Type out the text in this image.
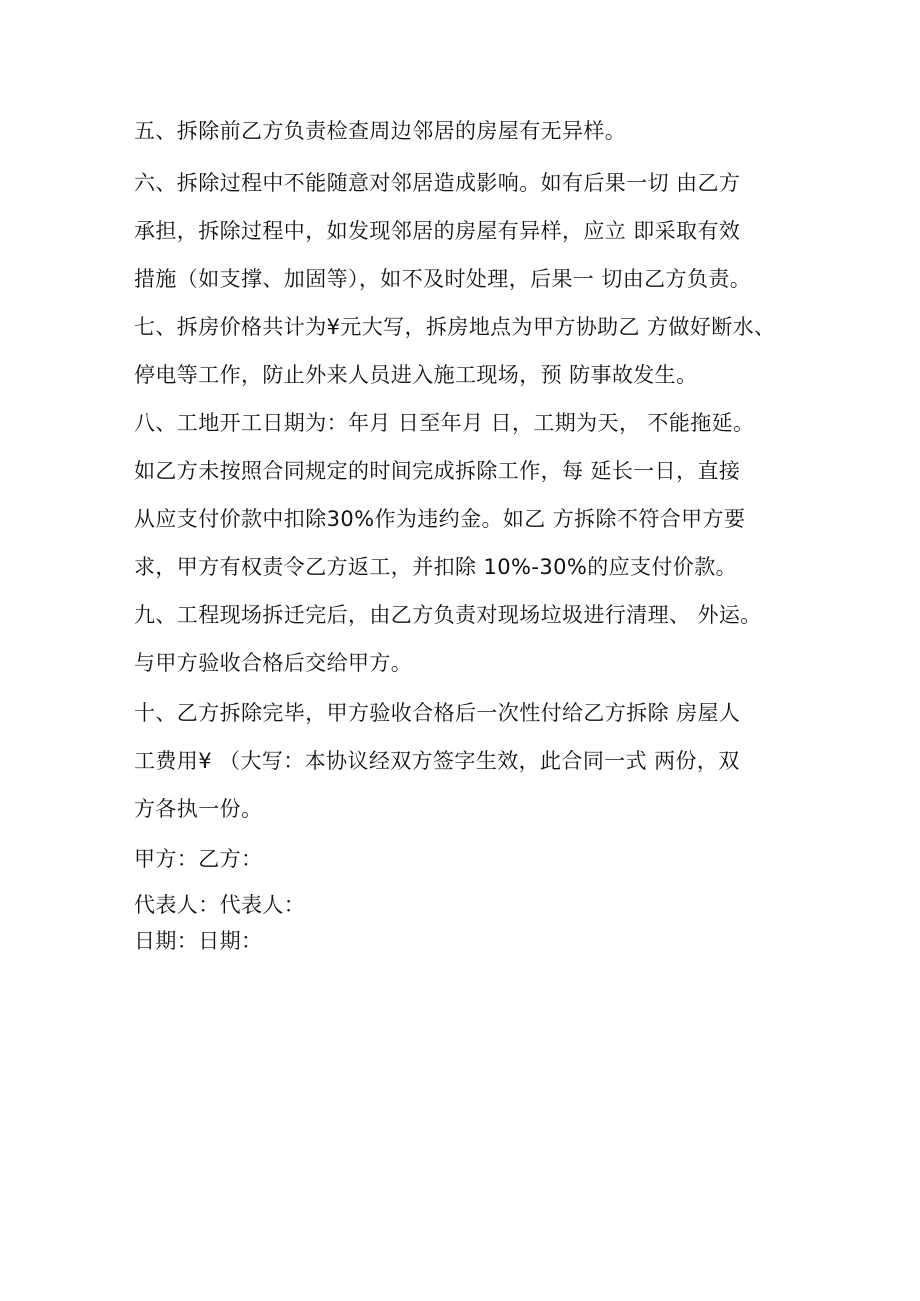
五、拆除前乙方负责检查周边邻居的房屋有无异样。
六、拆除过程中不能随意对邻居造成影响。如有后果一切 由乙方
承担，拆除过程中，如发现邻居的房屋有异样，应立 即采取有效
措施（如支撑、加固等），如不及时处理，后果一 切由乙方负责。
七、拆房价格共计为¥元大写，拆房地点为甲方协助乙 方做好断水、
停电等工作，防止外来人员进入施工现场，预 防事故发生。
八、工地开工日期为：年月 日至年月 日，工期为天， 不能拖延。
如乙方未按照合同规定的时间完成拆除工作，每 延长一日，直接
从应支付价款中扣除30%作为违约金。如乙 方拆除不符合甲方要
求，甲方有权责令乙方返工，并扣除 10%-30%的应支付价款。
九、工程现场拆迁完后，由乙方负责对现场垃圾进行清理、 外运。
与甲方验收合格后交给甲方。
十、乙方拆除完毕，甲方验收合格后一次性付给乙方拆除 房屋人
工费用¥ （大写：本协议经双方签字生效，此合同一式 两份，双
方各执一份。
甲方：乙方：
代表人：代表人：
日期：日期：
